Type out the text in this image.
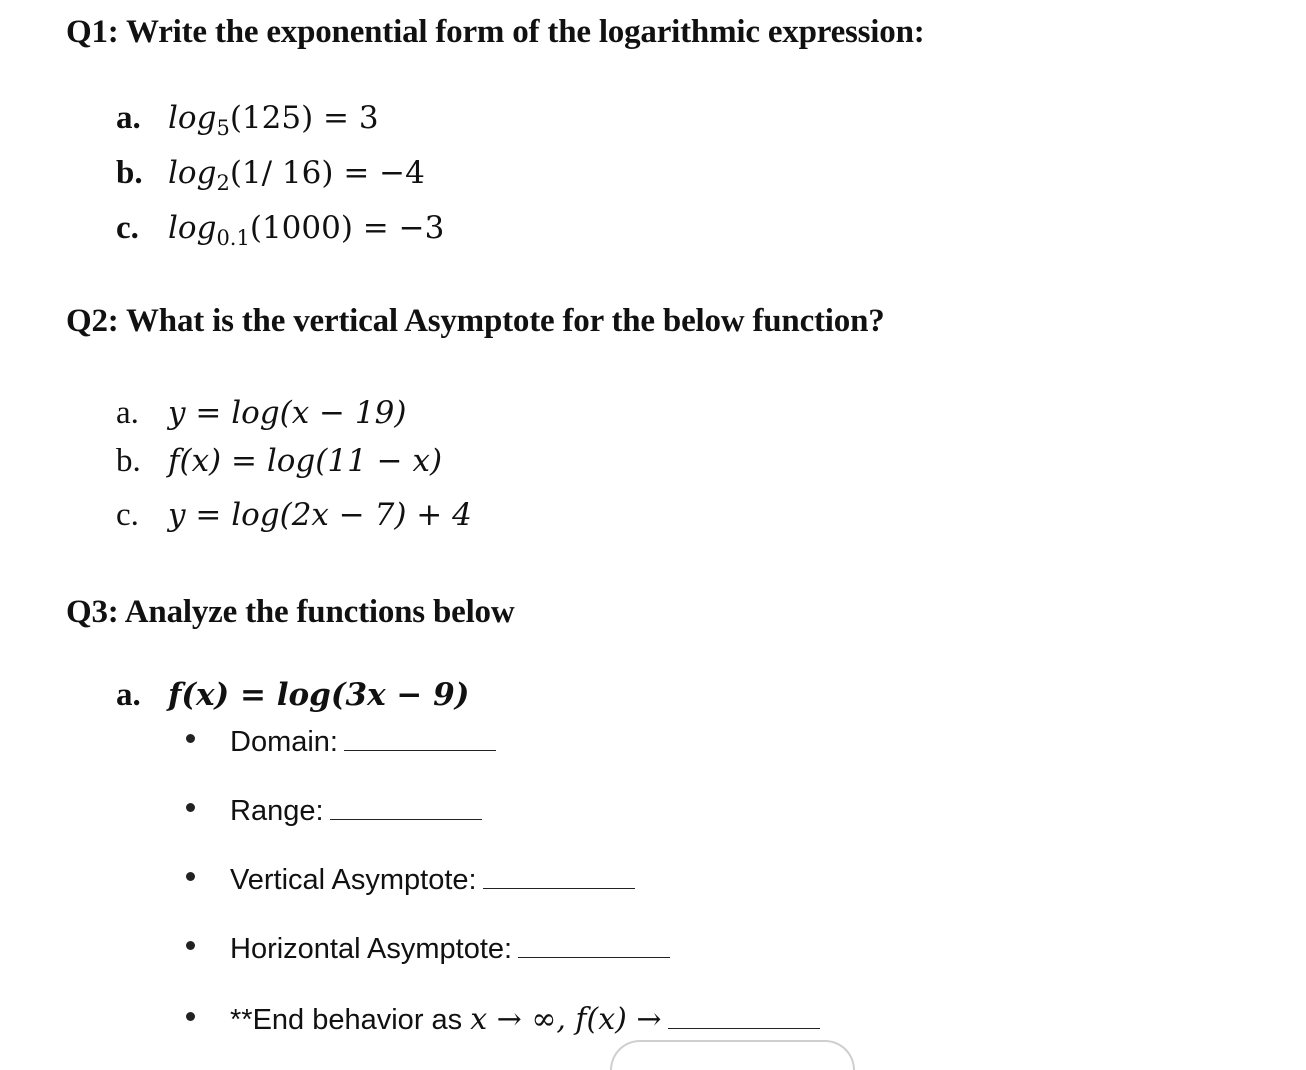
Q1: Write the exponential form of the logarithmic expression:
a. $\log_5(125) = 3$
b. $\log_2(1/$ 16) = −4
c. $\log_{0.1}(1000) = -3$
Q2: What is the vertical Asymptote for the below function?
a. y = log(x − 19)
b. f(x) = log(11 − x)
c. y = log(2x − 7) + 4
Q3: Analyze the functions below
a. f(x) = log(3x − 9)
Domain:
Range:
Vertical Asymptote:
Horizontal Asymptote:
**End behavior as x → ∞, f(x) →
